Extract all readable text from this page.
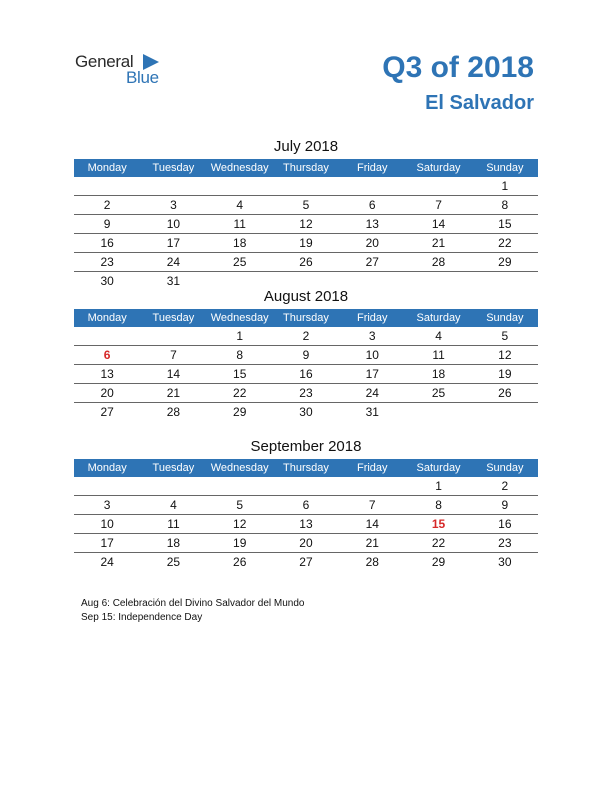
General
Blue	Q3 of 2018
El Salvador
July 2018
Monday	Tuesday	Wednesday	Thursday	Friday	Saturday	Sunday
						1
2	3	4	5	6	7	8
9	10	11	12	13	14	15
16	17	18	19	20	21	22
23	24	25	26	27	28	29
30	31					
August 2018
Monday	Tuesday	Wednesday	Thursday	Friday	Saturday	Sunday
		1	2	3	4	5
6	7	8	9	10	11	12
13	14	15	16	17	18	19
20	21	22	23	24	25	26
27	28	29	30	31		
September 2018
Monday	Tuesday	Wednesday	Thursday	Friday	Saturday	Sunday
					1	2
3	4	5	6	7	8	9
10	11	12	13	14	15	16
17	18	19	20	21	22	23
24	25	26	27	28	29	30
Aug 6: Celebración del Divino Salvador del Mundo
Sep 15: Independence Day
